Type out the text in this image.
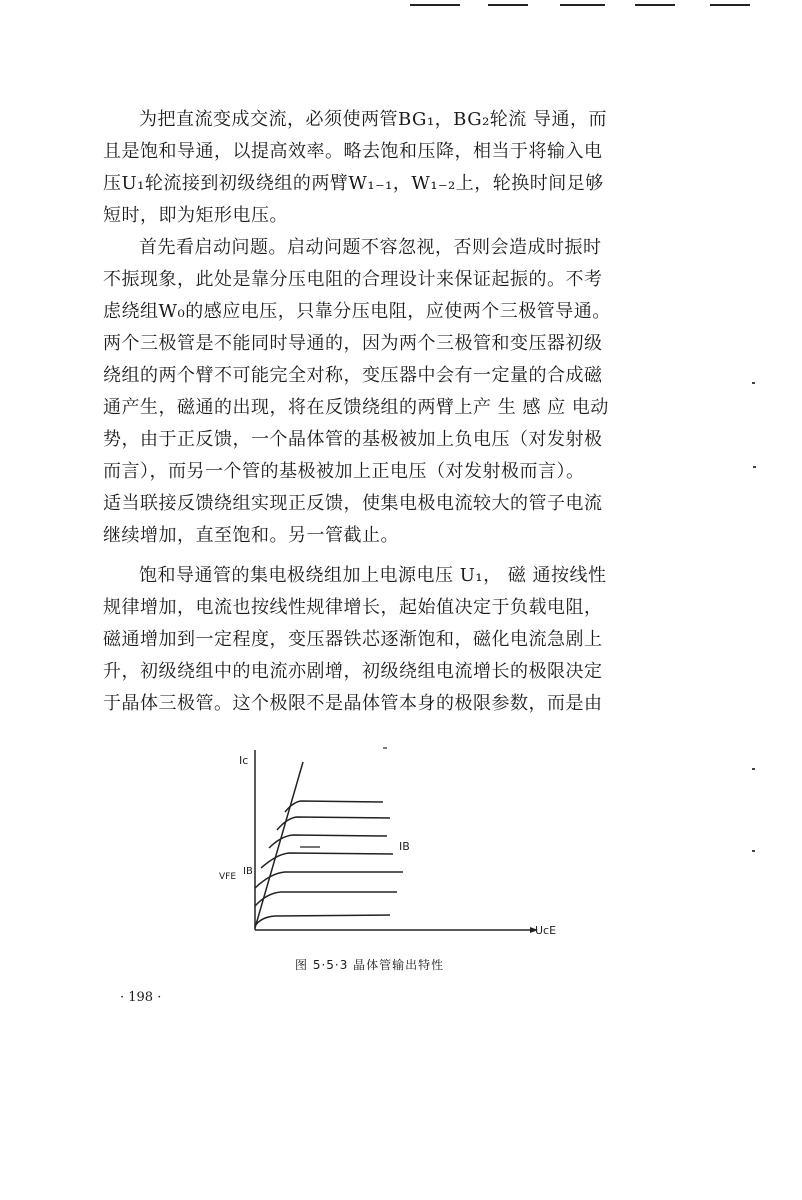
为把直流变成交流，必须使两管BG₁，BG₂轮流 导通，而
且是饱和导通，以提高效率。略去饱和压降，相当于将输入电
压U₁轮流接到初级绕组的两臂W₁₋₁，W₁₋₂上，轮换时间足够
短时，即为矩形电压。
首先看启动问题。启动问题不容忽视，否则会造成时振时
不振现象，此处是靠分压电阻的合理设计来保证起振的。不考
虑绕组W₀的感应电压，只靠分压电阻，应使两个三极管导通。
两个三极管是不能同时导通的，因为两个三极管和变压器初级
绕组的两个臂不可能完全对称，变压器中会有一定量的合成磁
通产生，磁通的出现，将在反馈绕组的两臂上产 生 感 应 电动
势，由于正反馈，一个晶体管的基极被加上负电压（对发射极
而言），而另一个管的基极被加上正电压（对发射极而言）。
适当联接反馈绕组实现正反馈，使集电极电流较大的管子电流
继续增加，直至饱和。另一管截止。
饱和导通管的集电极绕组加上电源电压 U₁， 磁 通按线性
规律增加，电流也按线性规律增长，起始值决定于负载电阻，
磁通增加到一定程度，变压器铁芯逐渐饱和，磁化电流急剧上
升，初级绕组中的电流亦剧增，初级绕组电流增长的极限决定
于晶体三极管。这个极限不是晶体管本身的极限参数，而是由
Ic
UcE
IB
VFE IB
图 5·5·3 晶体管输出特性
· 198 ·
